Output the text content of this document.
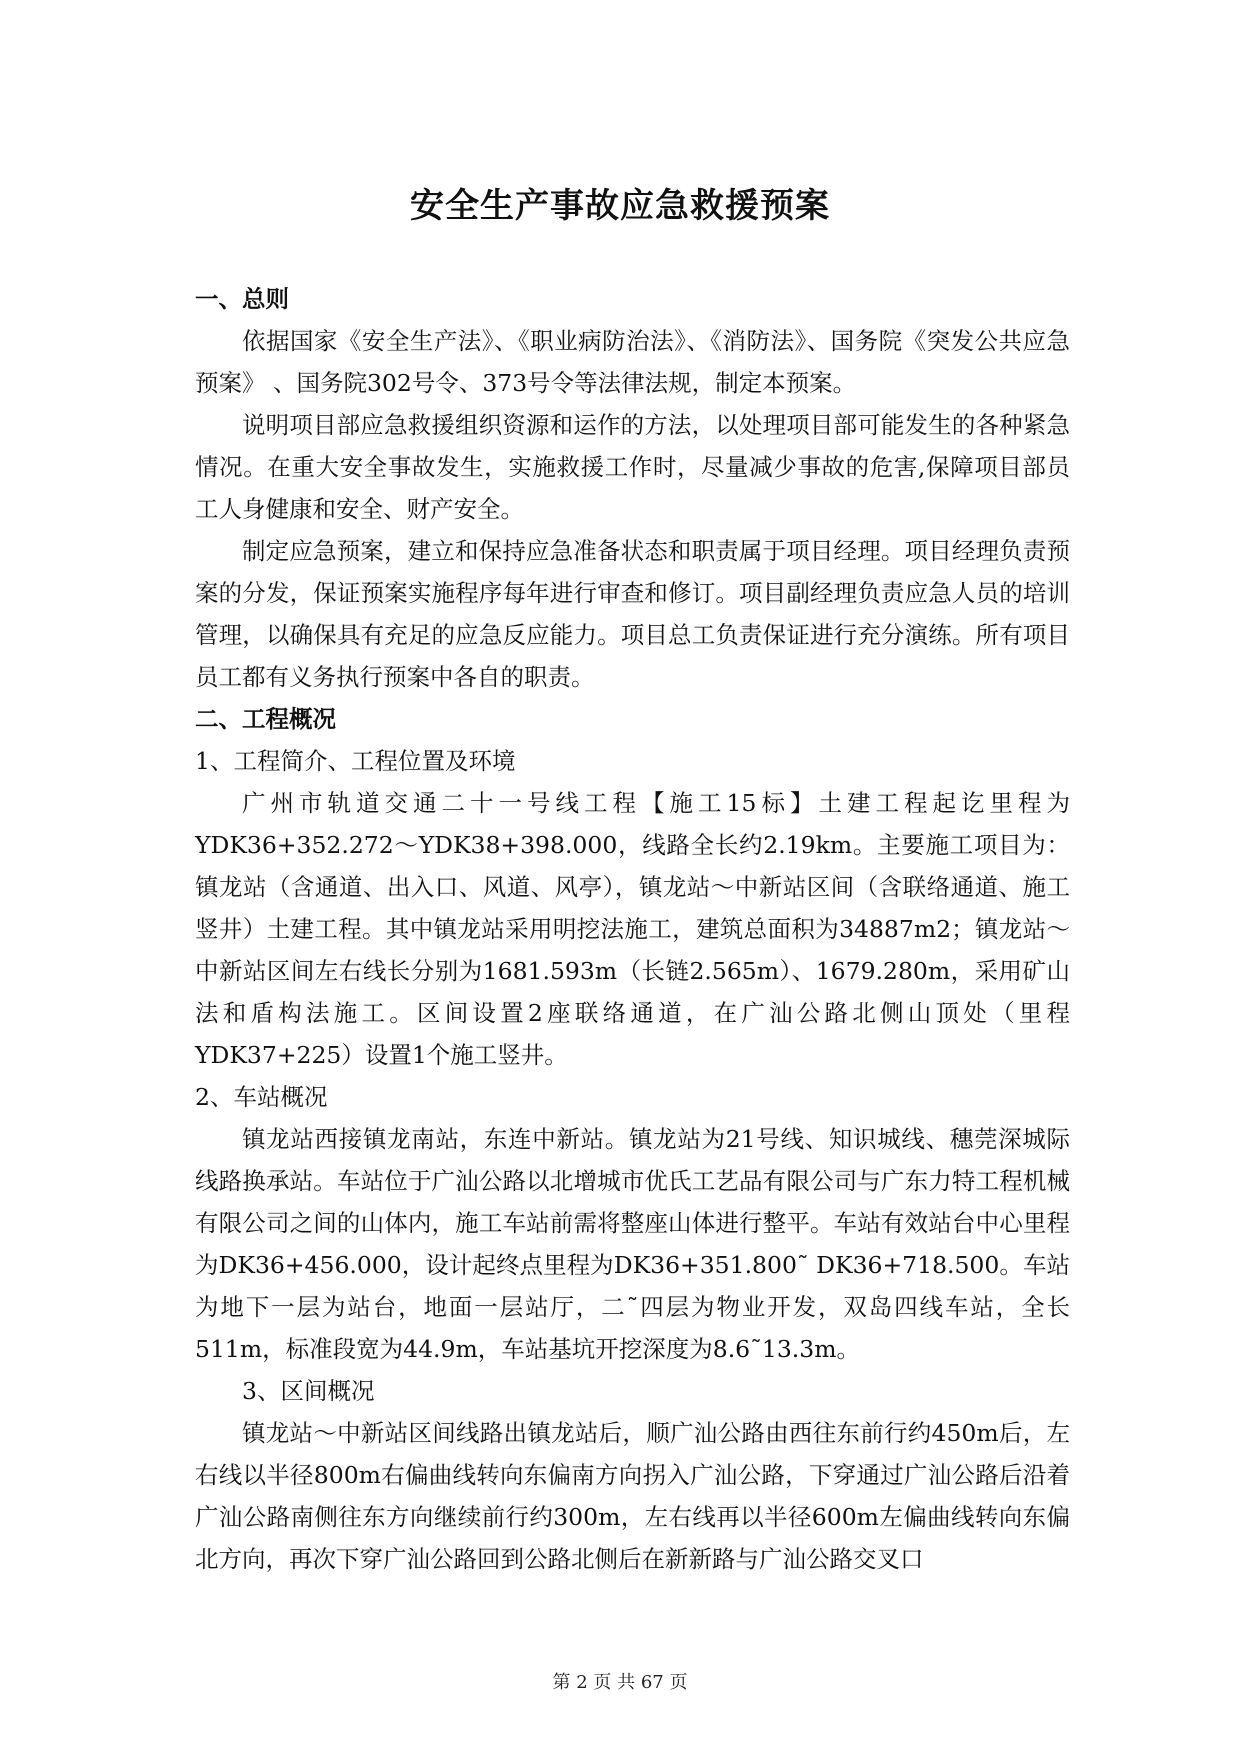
安全生产事故应急救援预案

一、总则

依据国家《安全生产法》、《职业病防治法》、《消防法》、国务院《突发公共应急预案》 、国务院302号令、373号令等法律法规，制定本预案。

说明项目部应急救援组织资源和运作的方法，以处理项目部可能发生的各种紧急情况。在重大安全事故发生，实施救援工作时，尽量减少事故的危害,保障项目部员工人身健康和安全、财产安全。

制定应急预案，建立和保持应急准备状态和职责属于项目经理。项目经理负责预案的分发，保证预案实施程序每年进行审查和修订。项目副经理负责应急人员的培训管理，以确保具有充足的应急反应能力。项目总工负责保证进行充分演练。所有项目员工都有义务执行预案中各自的职责。

二、工程概况

1、工程简介、工程位置及环境

广州市轨道交通二十一号线工程【施工15标】土建工程起讫里程为YDK36+352.272～YDK38+398.000，线路全长约2.19km。主要施工项目为：镇龙站（含通道、出入口、风道、风亭），镇龙站～中新站区间（含联络通道、施工竖井）土建工程。其中镇龙站采用明挖法施工，建筑总面积为34887m2；镇龙站～中新站区间左右线长分别为1681.593m（长链2.565m）、1679.280m，采用矿山法和盾构法施工。区间设置2座联络通道，在广汕公路北侧山顶处（里程YDK37+225）设置1个施工竖井。

2、车站概况

镇龙站西接镇龙南站，东连中新站。镇龙站为21号线、知识城线、穗莞深城际线路换承站。车站位于广汕公路以北增城市优氏工艺品有限公司与广东力特工程机械有限公司之间的山体内，施工车站前需将整座山体进行整平。车站有效站台中心里程为DK36+456.000，设计起终点里程为DK36+351.800˜ DK36+718.500。车站为地下一层为站台，地面一层站厅，二˜四层为物业开发，双岛四线车站，全长511m，标准段宽为44.9m，车站基坑开挖深度为8.6˜13.3m。

3、区间概况

镇龙站～中新站区间线路出镇龙站后，顺广汕公路由西往东前行约450m后，左右线以半径800m右偏曲线转向东偏南方向拐入广汕公路，下穿通过广汕公路后沿着广汕公路南侧往东方向继续前行约300m，左右线再以半径600m左偏曲线转向东偏北方向，再次下穿广汕公路回到公路北侧后在新新路与广汕公路交叉口

第 2 页 共 67 页
